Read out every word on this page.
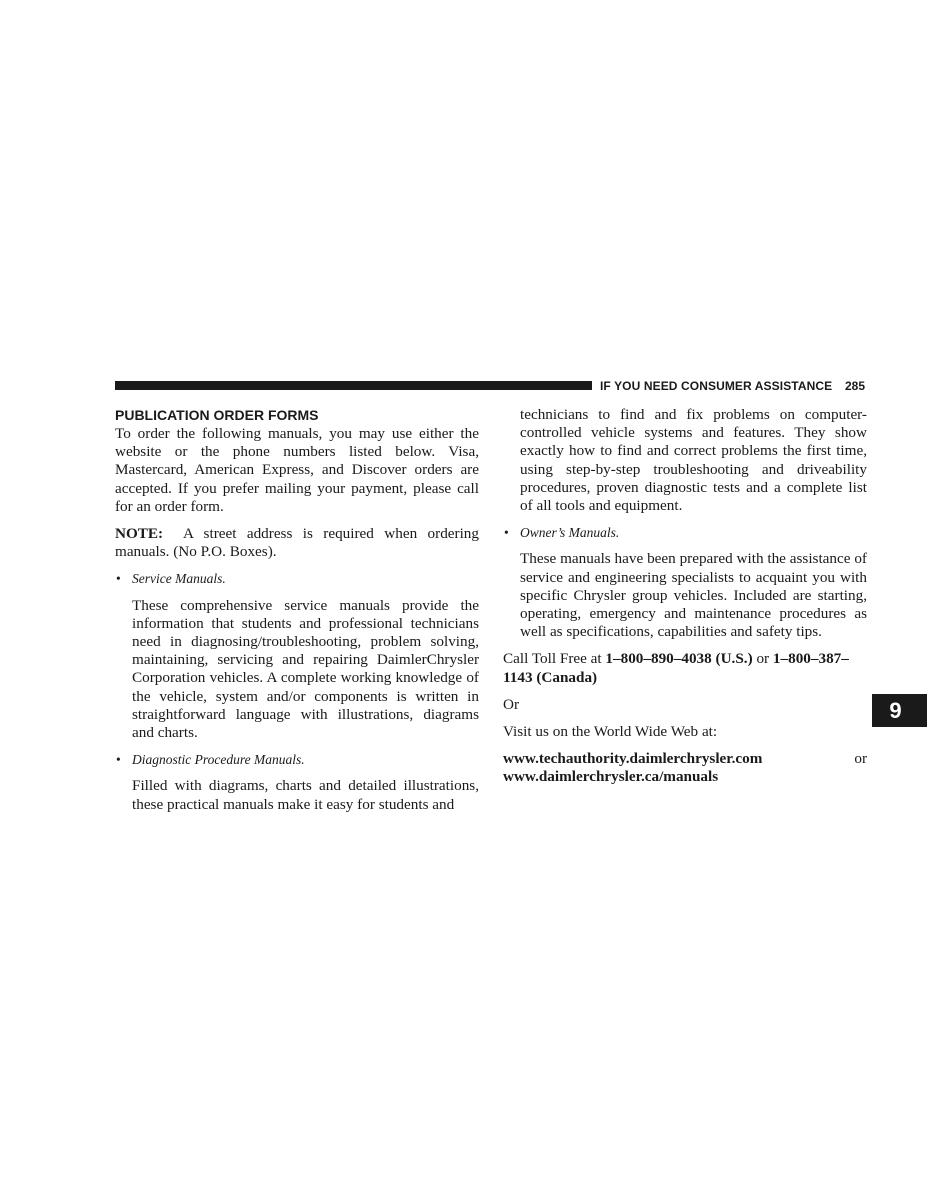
IF YOU NEED CONSUMER ASSISTANCE 285
9
PUBLICATION ORDER FORMS

To order the following manuals, you may use either the website or the phone numbers listed below. Visa, Mastercard, American Express, and Discover orders are accepted. If you prefer mailing your payment, please call for an order form.

NOTE: A street address is required when ordering manuals. (No P.O. Boxes).

• Service Manuals.

These comprehensive service manuals provide the information that students and professional technicians need in diagnosing/troubleshooting, problem solving, maintaining, servicing and repairing DaimlerChrysler Corporation vehicles. A complete working knowledge of the vehicle, system and/or components is written in straightforward language with illustrations, diagrams and charts.

• Diagnostic Procedure Manuals.

Filled with diagrams, charts and detailed illustrations, these practical manuals make it easy for students and

technicians to find and fix problems on computer-controlled vehicle systems and features. They show exactly how to find and correct problems the first time, using step-by-step troubleshooting and driveability procedures, proven diagnostic tests and a complete list of all tools and equipment.

• Owner’s Manuals.

These manuals have been prepared with the assistance of service and engineering specialists to acquaint you with specific Chrysler group vehicles. Included are starting, operating, emergency and maintenance procedures as well as specifications, capabilities and safety tips.

Call Toll Free at 1–800–890–4038 (U.S.) or 1–800–387–1143 (Canada)

Or

Visit us on the World Wide Web at:

www.techauthority.daimlerchrysler.com	or
www.daimlerchrysler.ca/manuals
